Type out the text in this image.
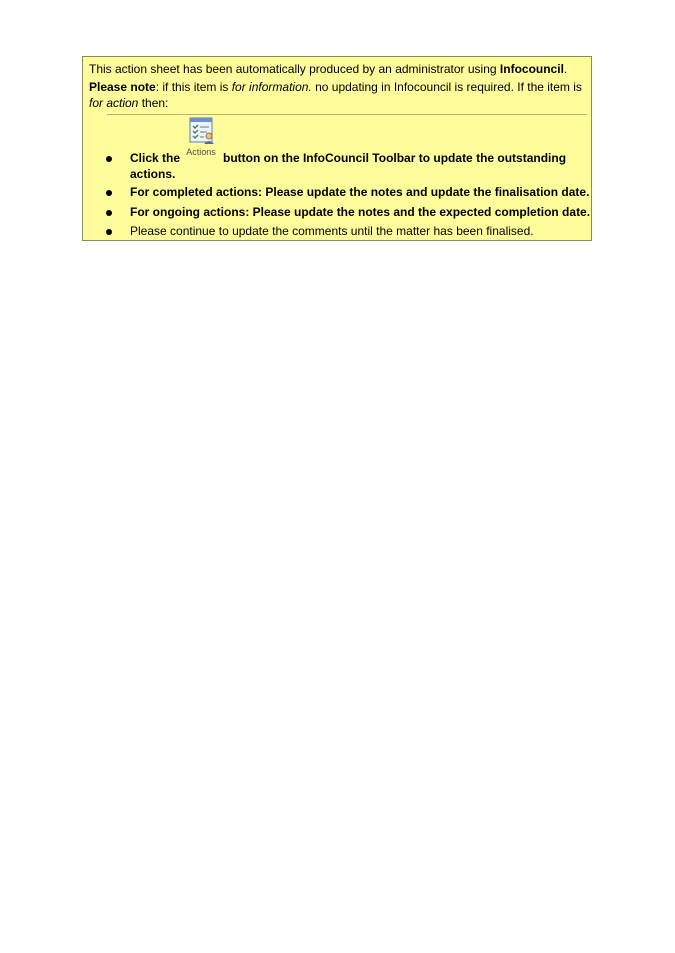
This action sheet has been automatically produced by an administrator using Infocouncil.
Please note: if this item is for information. no updating in Infocouncil is required. If the item is
for action then:
Actions
Click the	button on the InfoCouncil Toolbar to update the outstanding
actions.
For completed actions: Please update the notes and update the finalisation date.
For ongoing actions: Please update the notes and the expected completion date.
Please continue to update the comments until the matter has been finalised.
